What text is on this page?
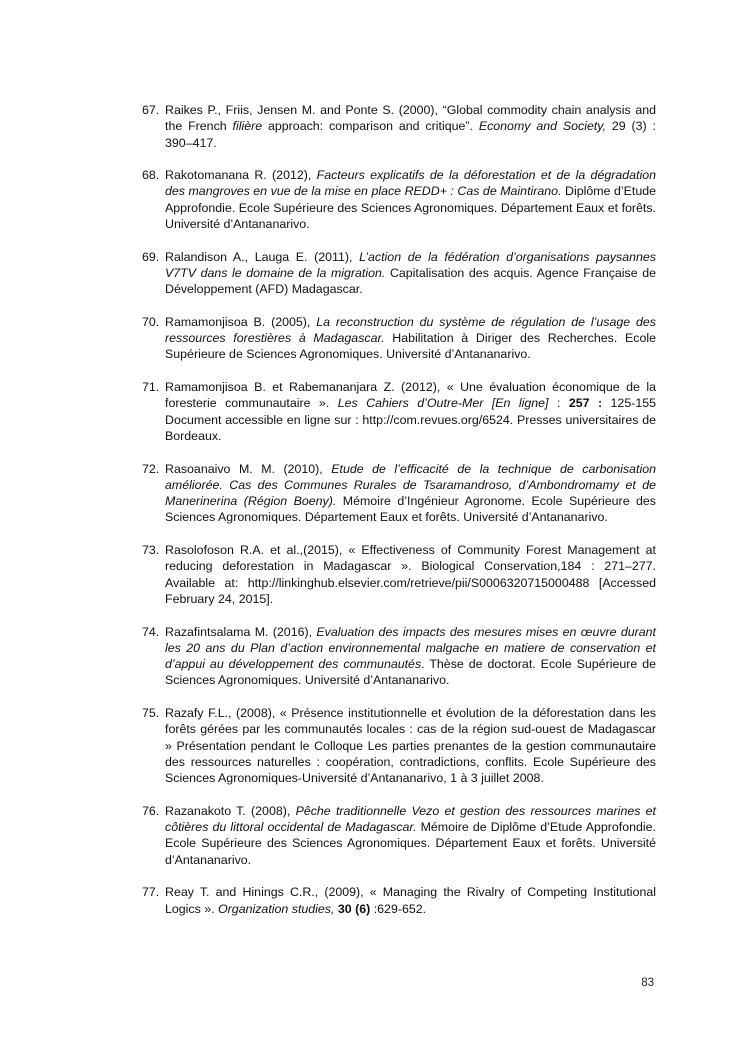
67. Raikes P., Friis, Jensen M. and Ponte S. (2000), “Global commodity chain analysis and the French filière approach: comparison and critique”. Economy and Society, 29 (3) : 390–417.
68. Rakotomanana R. (2012), Facteurs explicatifs de la déforestation et de la dégradation des mangroves en vue de la mise en place REDD+ : Cas de Maintirano. Diplôme d’Etude Approfondie. Ecole Supérieure des Sciences Agronomiques. Département Eaux et forêts. Université d’Antananarivo.
69. Ralandison A., Lauga E. (2011), L’action de la fédération d’organisations paysannes V7TV dans le domaine de la migration. Capitalisation des acquis. Agence Française de Développement (AFD) Madagascar.
70. Ramamonjisoa B. (2005), La reconstruction du système de régulation de l’usage des ressources forestières à Madagascar. Habilitation à Diriger des Recherches. Ecole Supérieure de Sciences Agronomiques. Université d’Antananarivo.
71. Ramamonjisoa B. et Rabemananjara Z. (2012), « Une évaluation économique de la foresterie communautaire ». Les Cahiers d’Outre-Mer [En ligne] : 257 : 125-155 Document accessible en ligne sur : http://com.revues.org/6524. Presses universitaires de Bordeaux.
72. Rasoanaivo M. M. (2010), Etude de l’efficacité de la technique de carbonisation améliorée. Cas des Communes Rurales de Tsaramandroso, d’Ambondromamy et de Manerinerina (Région Boeny). Mémoire d’Ingénieur Agronome. Ecole Supérieure des Sciences Agronomiques. Département Eaux et forêts. Université d’Antananarivo.
73. Rasolofoson R.A. et al.,(2015), « Effectiveness of Community Forest Management at reducing deforestation in Madagascar ». Biological Conservation,184 : 271–277. Available at: http://linkinghub.elsevier.com/retrieve/pii/S0006320715000488 [Accessed February 24, 2015].
74. Razafintsalama M. (2016), Evaluation des impacts des mesures mises en œuvre durant les 20 ans du Plan d’action environnemental malgache en matiere de conservation et d’appui au développement des communautés. Thèse de doctorat. Ecole Supérieure de Sciences Agronomiques. Université d’Antananarivo.
75. Razafy F.L., (2008), « Présence institutionnelle et évolution de la déforestation dans les forêts gérées par les communautés locales : cas de la région sud-ouest de Madagascar » Présentation pendant le Colloque Les parties prenantes de la gestion communautaire des ressources naturelles : coopération, contradictions, conflits. Ecole Supérieure des Sciences Agronomiques-Université d’Antananarivo, 1 à 3 juillet 2008.
76. Razanakoto T. (2008), Pêche traditionnelle Vezo et gestion des ressources marines et côtières du littoral occidental de Madagascar. Mémoire de Diplôme d’Etude Approfondie. Ecole Supérieure des Sciences Agronomiques. Département Eaux et forêts. Université d’Antananarivo.
77. Reay T. and Hinings C.R., (2009), « Managing the Rivalry of Competing Institutional Logics ». Organization studies, 30 (6) :629-652.
83
